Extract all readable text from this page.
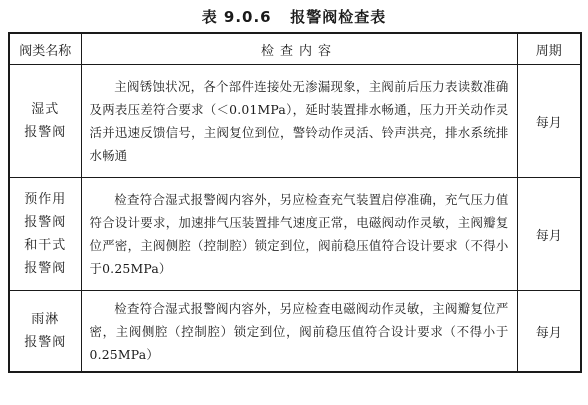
表 9.0.6   报警阀检查表
阀类名称	检查内容	周期

湿式
报警阀	主阀锈蚀状况，各个部件连接处无渗漏现象，主阀前后压力表读数准确及两表压差符合要求（＜0.01MPa），延时装置排水畅通，压力开关动作灵活并迅速反馈信号，主阀复位到位，警铃动作灵活、铃声洪亮，排水系统排水畅通	每月

预作用
报警阀
和干式
报警阀	检查符合湿式报警阀内容外，另应检查充气装置启停准确，充气压力值符合设计要求，加速排气压装置排气速度正常，电磁阀动作灵敏，主阀瓣复位严密，主阀侧腔（控制腔）锁定到位，阀前稳压值符合设计要求（不得小于0.25MPa）	每月

雨淋
报警阀	检查符合湿式报警阀内容外，另应检查电磁阀动作灵敏，主阀瓣复位严密，主阀侧腔（控制腔）锁定到位，阀前稳压值符合设计要求（不得小于0.25MPa）	每月
